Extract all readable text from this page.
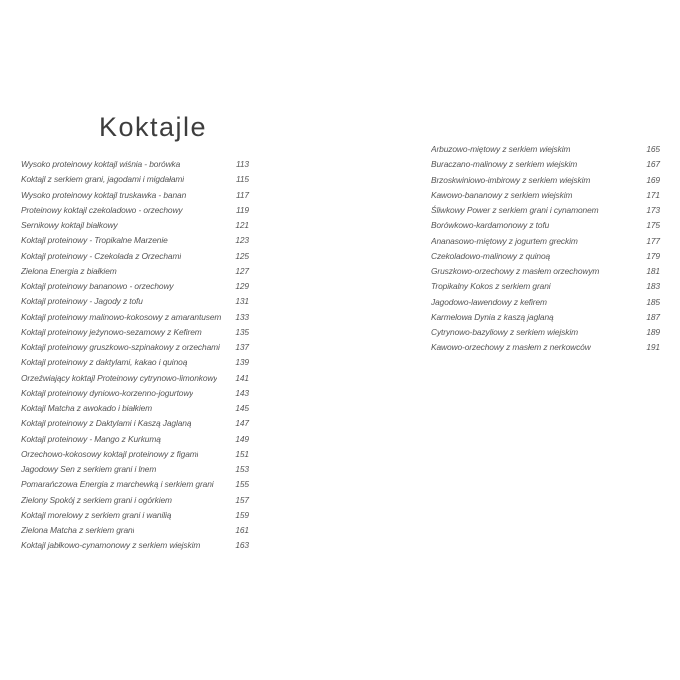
Koktajle
Wysoko proteinowy koktajl wiśnia - borówka	113
Koktajl z serkiem grani, jagodami i migdałami	115
Wysoko proteinowy koktajl truskawka - banan	117
Proteinowy koktajl czekoladowo - orzechowy	119
Sernikowy koktajl białkowy	121
Koktajl proteinowy - Tropikalne Marzenie	123
Koktajl proteinowy - Czekolada z Orzechami	125
Zielona Energia z białkiem	127
Koktajl proteinowy bananowo - orzechowy	129
Koktajl proteinowy - Jagody z tofu	131
Koktajl proteinowy malinowo-kokosowy z amarantusem 133
Koktajl proteinowy jeżynowo-sezamowy z Kefirem	135
Koktajl proteinowy gruszkowo-szpinakowy z orzechami 137
Koktajl proteinowy z daktylami, kakao i quinoą	139
Orzeźwiający koktajl Proteinowy cytrynowo-limonkowy 141
Koktajl proteinowy dyniowo-korzenno-jogurtowy	143
Koktajl Matcha z awokado i białkiem	145
Koktajl proteinowy z Daktylami i Kaszą Jaglaną	147
Koktajl proteinowy - Mango z Kurkumą	149
Orzechowo-kokosowy koktajl proteinowy z figami	151
Jagodowy Sen z serkiem grani i lnem	153
Pomarańczowa Energia z marchewką i serkiem grani	155
Zielony Spokój z serkiem grani i ogórkiem	157
Koktajl morelowy z serkiem grani i wanilią	159
Zielona Matcha z serkiem grani	161
Koktajl jabłkowo-cynamonowy z serkiem wiejskim	163
Arbuzowo-miętowy z serkiem wiejskim	165
Buraczano-malinowy z serkiem wiejskim	167
Brzoskwiniowo-imbirowy z serkiem wiejskim	169
Kawowo-bananowy z serkiem wiejskim	171
Śliwkowy Power z serkiem grani i cynamonem	173
Borówkowo-kardamonowy z tofu	175
Ananasowo-miętowy z jogurtem greckim	177
Czekoladowo-malinowy z quinoą	179
Gruszkowo-orzechowy z masłem orzechowym	181
Tropikalny Kokos z serkiem grani	183
Jagodowo-lawendowy z kefirem	185
Karmelowa Dynia z kaszą jaglaną	187
Cytrynowo-bazyliowy z serkiem wiejskim	189
Kawowo-orzechowy z masłem z nerkowców	191
